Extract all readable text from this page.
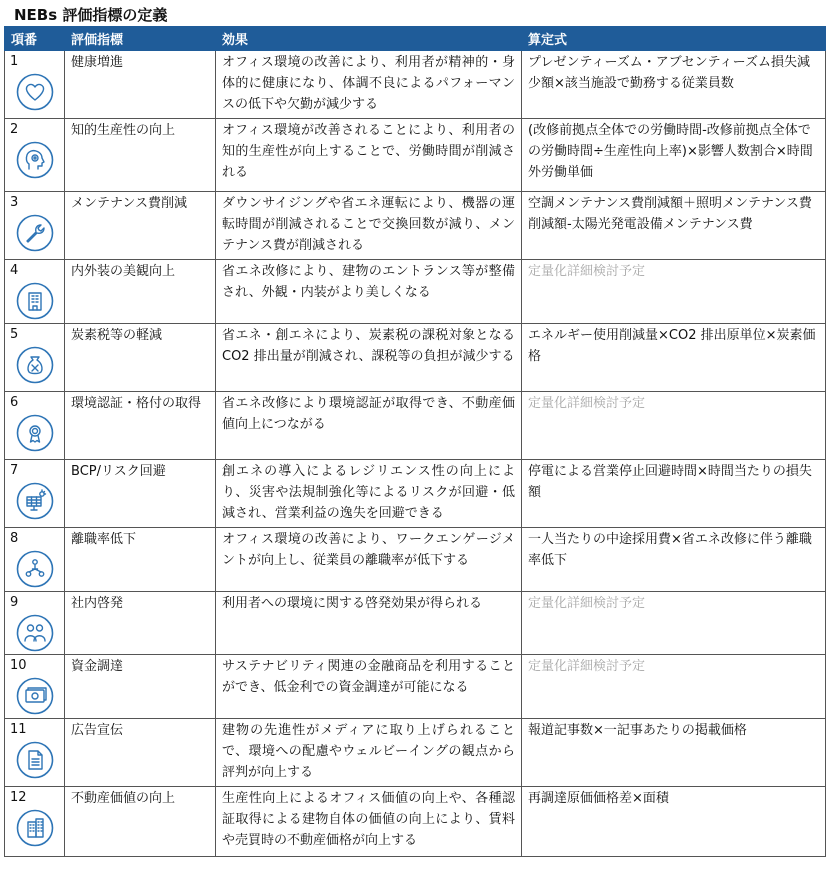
NEBs 評価指標の定義
項番	評価指標	効果	算定式

1	健康増進	オフィス環境の改善により、利用者が精神的・身体的に健康になり、体調不良によるパフォーマンスの低下や欠勤が減少する	プレゼンティーズム・アブセンティーズム損失減少額×該当施設で勤務する従業員数

2	知的生産性の向上	オフィス環境が改善されることにより、利用者の知的生産性が向上することで、労働時間が削減される	(改修前拠点全体での労働時間-改修前拠点全体での労働時間÷生産性向上率)×影響人数割合×時間外労働単価

3	メンテナンス費削減	ダウンサイジングや省エネ運転により、機器の運転時間が削減されることで交換回数が減り、メンテナンス費が削減される	空調メンテナンス費削減額＋照明メンテナンス費削減額-太陽光発電設備メンテナンス費

4	内外装の美観向上	省エネ改修により、建物のエントランス等が整備され、外観・内装がより美しくなる	定量化詳細検討予定

5	炭素税等の軽減	省エネ・創エネにより、炭素税の課税対象となる CO2 排出量が削減され、課税等の負担が減少する	エネルギー使用削減量×CO2 排出原単位×炭素価格

6	環境認証・格付の取得	省エネ改修により環境認証が取得でき、不動産価値向上につながる	定量化詳細検討予定

7	BCP/リスク回避	創エネの導入によるレジリエンス性の向上により、災害や法規制強化等によるリスクが回避・低減され、営業利益の逸失を回避できる	停電による営業停止回避時間×時間当たりの損失額

8	離職率低下	オフィス環境の改善により、ワークエンゲージメントが向上し、従業員の離職率が低下する	一人当たりの中途採用費×省エネ改修に伴う離職率低下

9	社内啓発	利用者への環境に関する啓発効果が得られる	定量化詳細検討予定

10	資金調達	サステナビリティ関連の金融商品を利用することができ、低金利での資金調達が可能になる	定量化詳細検討予定

11	広告宣伝	建物の先進性がメディアに取り上げられることで、環境への配慮やウェルビーイングの観点から評判が向上する	報道記事数×一記事あたりの掲載価格

12	不動産価値の向上	生産性向上によるオフィス価値の向上や、各種認証取得による建物自体の価値の向上により、賃料や売買時の不動産価格が向上する	再調達原価価格差×面積
